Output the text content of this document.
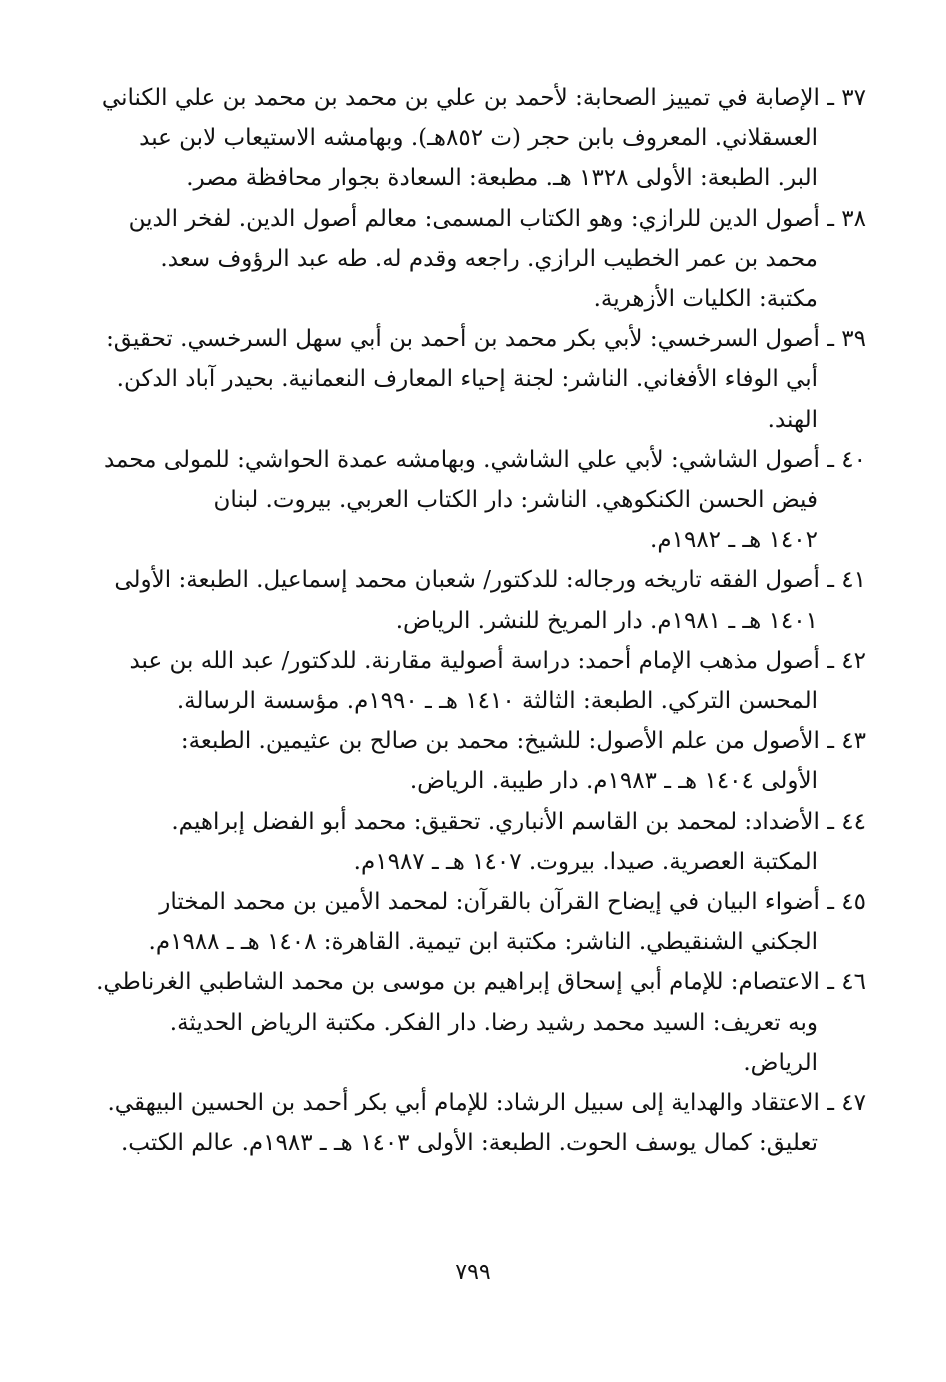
٣٧ ـ الإصابة في تمييز الصحابة: لأحمد بن علي بن محمد بن محمد بن علي الكناني
العسقلاني. المعروف بابن حجر (ت ٨٥٢هـ). وبهامشه الاستيعاب لابن عبد
البر. الطبعة: الأولى ١٣٢٨ هـ. مطبعة: السعادة بجوار محافظة مصر.
٣٨ ـ أصول الدين للرازي: وهو الكتاب المسمى: معالم أصول الدين. لفخر الدين
محمد بن عمر الخطيب الرازي. راجعه وقدم له. طه عبد الرؤوف سعد.
مكتبة: الكليات الأزهرية.
٣٩ ـ أصول السرخسي: لأبي بكر محمد بن أحمد بن أبي سهل السرخسي. تحقيق:
أبي الوفاء الأفغاني. الناشر: لجنة إحياء المعارف النعمانية. بحيدر آباد الدكن.
الهند.
٤٠ ـ أصول الشاشي: لأبي علي الشاشي. وبهامشه عمدة الحواشي: للمولى محمد
فيض الحسن الكنكوهي. الناشر: دار الكتاب العربي. بيروت. لبنان
١٤٠٢ هـ ـ ١٩٨٢م.
٤١ ـ أصول الفقه تاريخه ورجاله: للدكتور/ شعبان محمد إسماعيل. الطبعة: الأولى
١٤٠١ هـ ـ ١٩٨١م. دار المريخ للنشر. الرياض.
٤٢ ـ أصول مذهب الإمام أحمد: دراسة أصولية مقارنة. للدكتور/ عبد الله بن عبد
المحسن التركي. الطبعة: الثالثة ١٤١٠ هـ ـ ١٩٩٠م. مؤسسة الرسالة.
٤٣ ـ الأصول من علم الأصول: للشيخ: محمد بن صالح بن عثيمين. الطبعة:
الأولى ١٤٠٤ هـ ـ ١٩٨٣م. دار طيبة. الرياض.
٤٤ ـ الأضداد: لمحمد بن القاسم الأنباري. تحقيق: محمد أبو الفضل إبراهيم.
المكتبة العصرية. صيدا. بيروت. ١٤٠٧ هـ ـ ١٩٨٧م.
٤٥ ـ أضواء البيان في إيضاح القرآن بالقرآن: لمحمد الأمين بن محمد المختار
الجكني الشنقيطي. الناشر: مكتبة ابن تيمية. القاهرة: ١٤٠٨ هـ ـ ١٩٨٨م.
٤٦ ـ الاعتصام: للإمام أبي إسحاق إبراهيم بن موسى بن محمد الشاطبي الغرناطي.
وبه تعريف: السيد محمد رشيد رضا. دار الفكر. مكتبة الرياض الحديثة.
الرياض.
٤٧ ـ الاعتقاد والهداية إلى سبيل الرشاد: للإمام أبي بكر أحمد بن الحسين البيهقي.
تعليق: كمال يوسف الحوت. الطبعة: الأولى ١٤٠٣ هـ ـ ١٩٨٣م. عالم الكتب.
٧٩٩
